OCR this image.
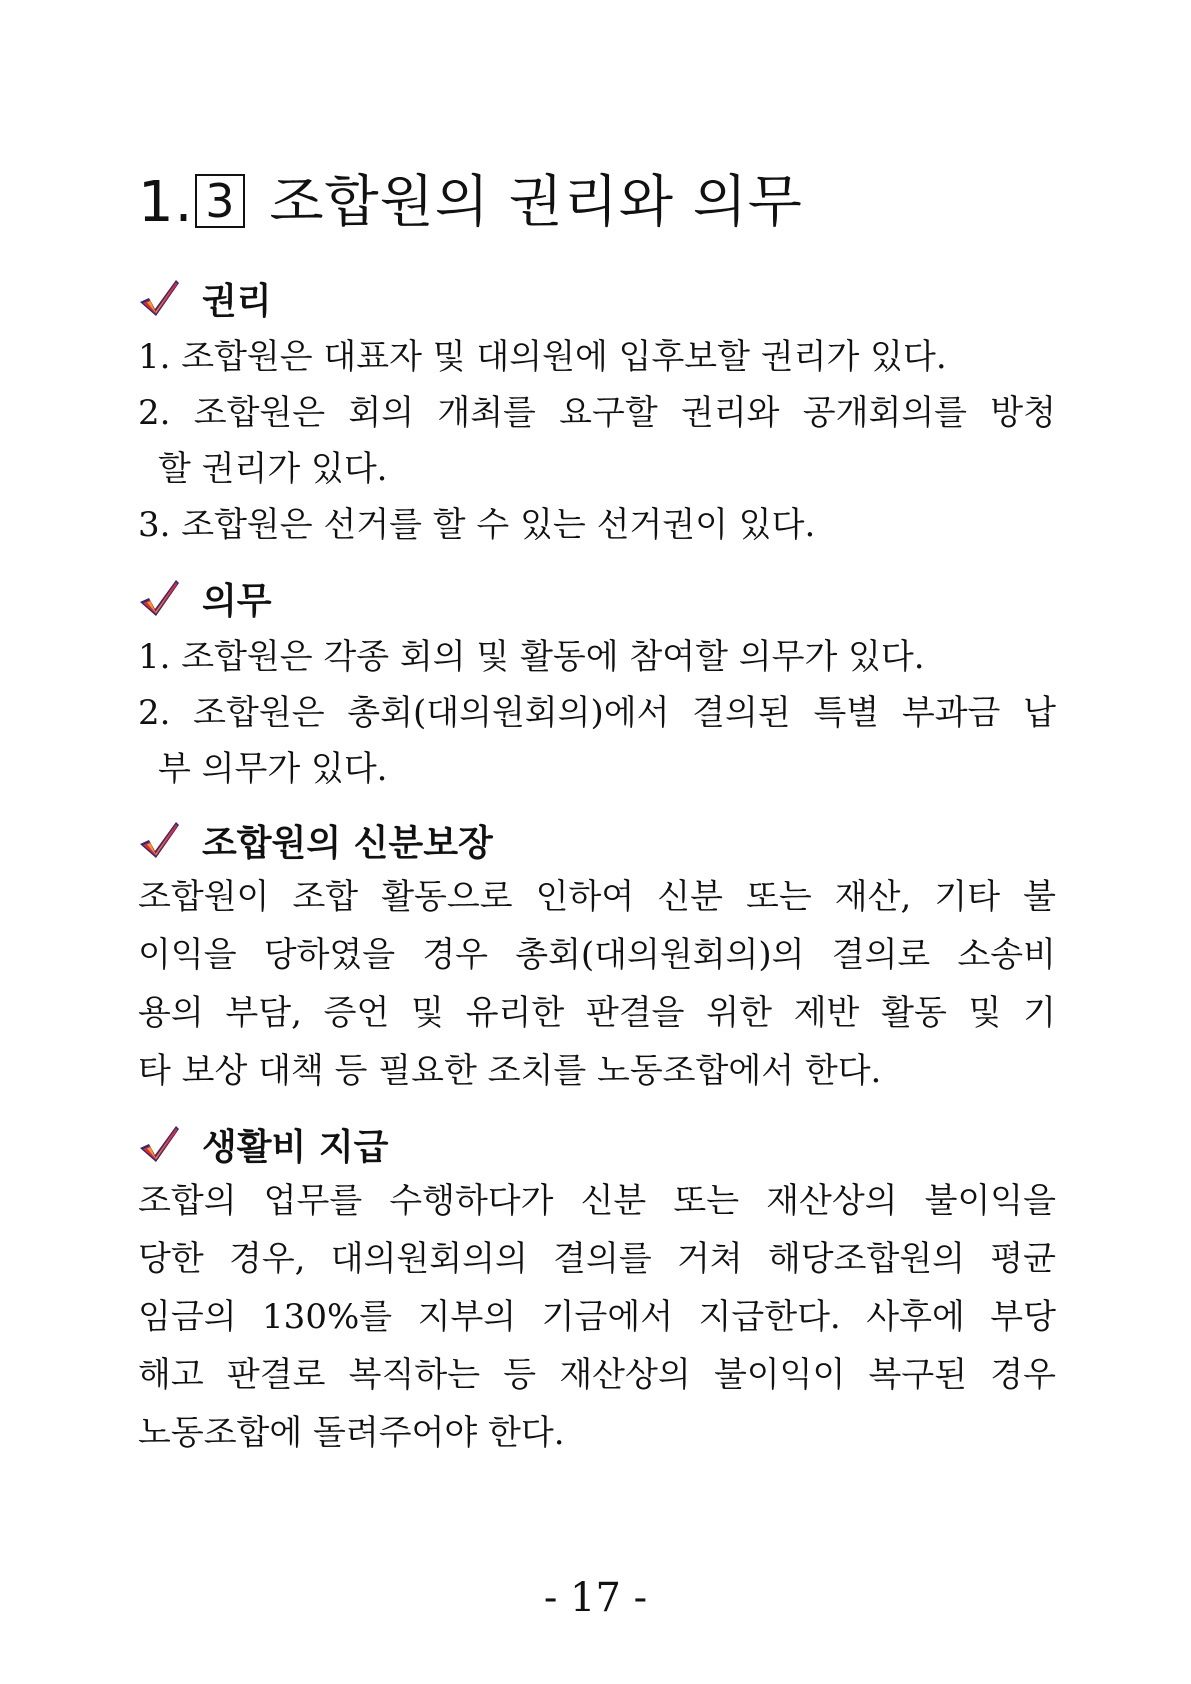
1. 3 조합원의 권리와 의무
권리
1. 조합원은 대표자 및 대의원에 입후보할 권리가 있다.
2. 조합원은 회의 개최를 요구할 권리와 공개회의를 방청
할 권리가 있다.
3. 조합원은 선거를 할 수 있는 선거권이 있다.
의무
1. 조합원은 각종 회의 및 활동에 참여할 의무가 있다.
2. 조합원은 총회(대의원회의)에서 결의된 특별 부과금 납
부 의무가 있다.
조합원의 신분보장
조합원이 조합 활동으로 인하여 신분 또는 재산, 기타 불
이익을 당하였을 경우 총회(대의원회의)의 결의로 소송비
용의 부담, 증언 및 유리한 판결을 위한 제반 활동 및 기
타 보상 대책 등 필요한 조치를 노동조합에서 한다.
생활비 지급
조합의 업무를 수행하다가 신분 또는 재산상의 불이익을
당한 경우, 대의원회의의 결의를 거쳐 해당조합원의 평균
임금의 130%를 지부의 기금에서 지급한다. 사후에 부당
해고 판결로 복직하는 등 재산상의 불이익이 복구된 경우
노동조합에 돌려주어야 한다.
- 17 -
